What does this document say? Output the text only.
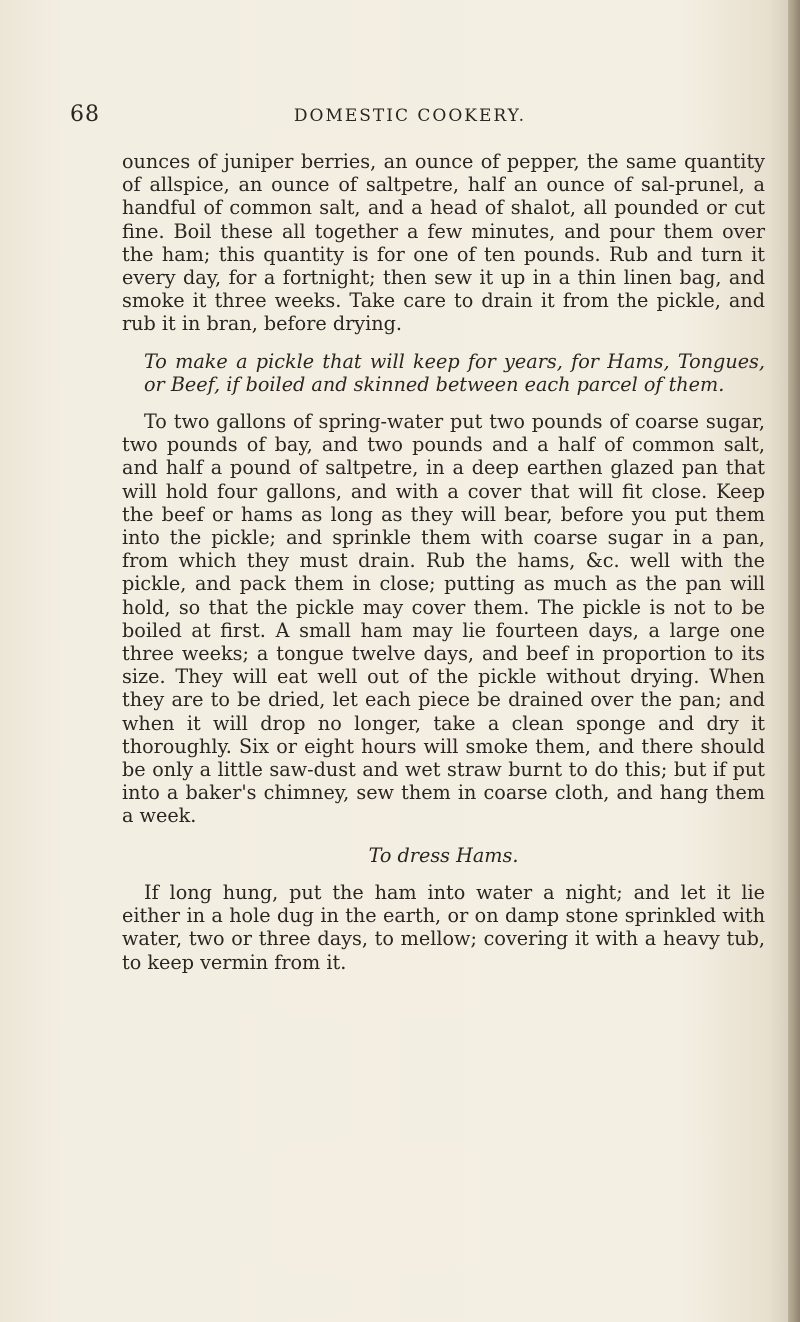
68	DOMESTIC COOKERY.

ounces of juniper berries, an ounce of pepper, the same quantity of allspice, an ounce of saltpetre, half an ounce of sal-prunel, a handful of common salt, and a head of shalot, all pounded or cut fine. Boil these all together a few minutes, and pour them over the ham; this quantity is for one of ten pounds. Rub and turn it every day, for a fortnight; then sew it up in a thin linen bag, and smoke it three weeks. Take care to drain it from the pickle, and rub it in bran, before drying.

To make a pickle that will keep for years, for Hams, Tongues, or Beef, if boiled and skinned between each parcel of them.

To two gallons of spring-water put two pounds of coarse sugar, two pounds of bay, and two pounds and a half of common salt, and half a pound of saltpetre, in a deep earthen glazed pan that will hold four gallons, and with a cover that will fit close. Keep the beef or hams as long as they will bear, before you put them into the pickle; and sprinkle them with coarse sugar in a pan, from which they must drain. Rub the hams, &c. well with the pickle, and pack them in close; putting as much as the pan will hold, so that the pickle may cover them. The pickle is not to be boiled at first. A small ham may lie fourteen days, a large one three weeks; a tongue twelve days, and beef in proportion to its size. They will eat well out of the pickle without drying. When they are to be dried, let each piece be drained over the pan; and when it will drop no longer, take a clean sponge and dry it thoroughly. Six or eight hours will smoke them, and there should be only a little saw-dust and wet straw burnt to do this; but if put into a baker's chimney, sew them in coarse cloth, and hang them a week.

To dress Hams.

If long hung, put the ham into water a night; and let it lie either in a hole dug in the earth, or on damp stone sprinkled with water, two or three days, to mellow; covering it with a heavy tub, to keep vermin from it.
